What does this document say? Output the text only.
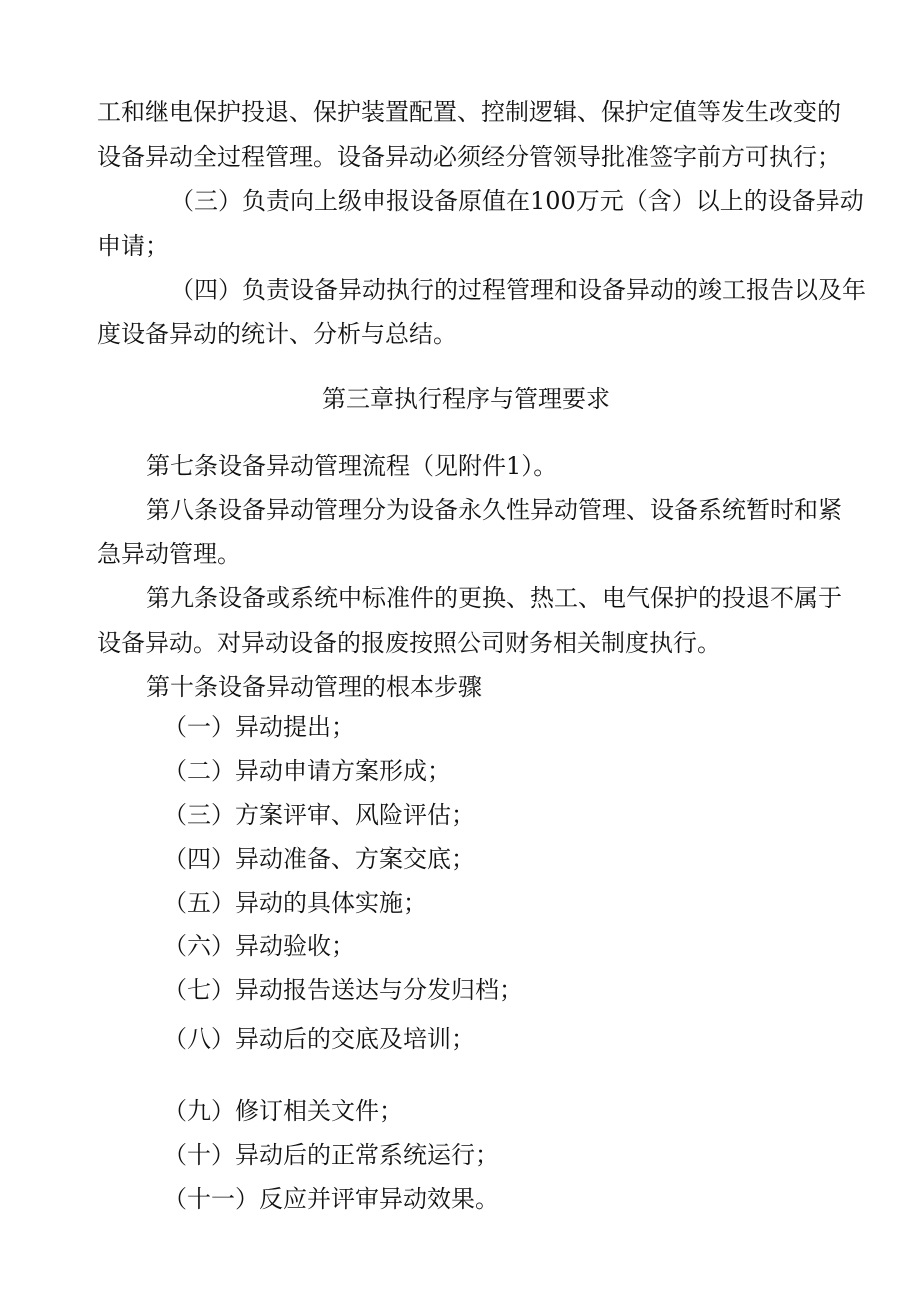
工和继电保护投退、保护装置配置、控制逻辑、保护定值等发生改变的

设备异动全过程管理。设备异动必须经分管领导批准签字前方可执行；

（三）负责向上级申报设备原值在100万元（含）以上的设备异动

申请；

（四）负责设备异动执行的过程管理和设备异动的竣工报告以及年

度设备异动的统计、分析与总结。

第三章执行程序与管理要求

第七条设备异动管理流程（见附件1）。

第八条设备异动管理分为设备永久性异动管理、设备系统暂时和紧

急异动管理。

第九条设备或系统中标准件的更换、热工、电气保护的投退不属于

设备异动。对异动设备的报废按照公司财务相关制度执行。

第十条设备异动管理的根本步骤

（一）异动提出；

（二）异动申请方案形成；

（三）方案评审、风险评估；

（四）异动准备、方案交底；

（五）异动的具体实施；

（六）异动验收；

（七）异动报告送达与分发归档；

（八）异动后的交底及培训；

（九）修订相关文件；

（十）异动后的正常系统运行；

（十一）反应并评审异动效果。
